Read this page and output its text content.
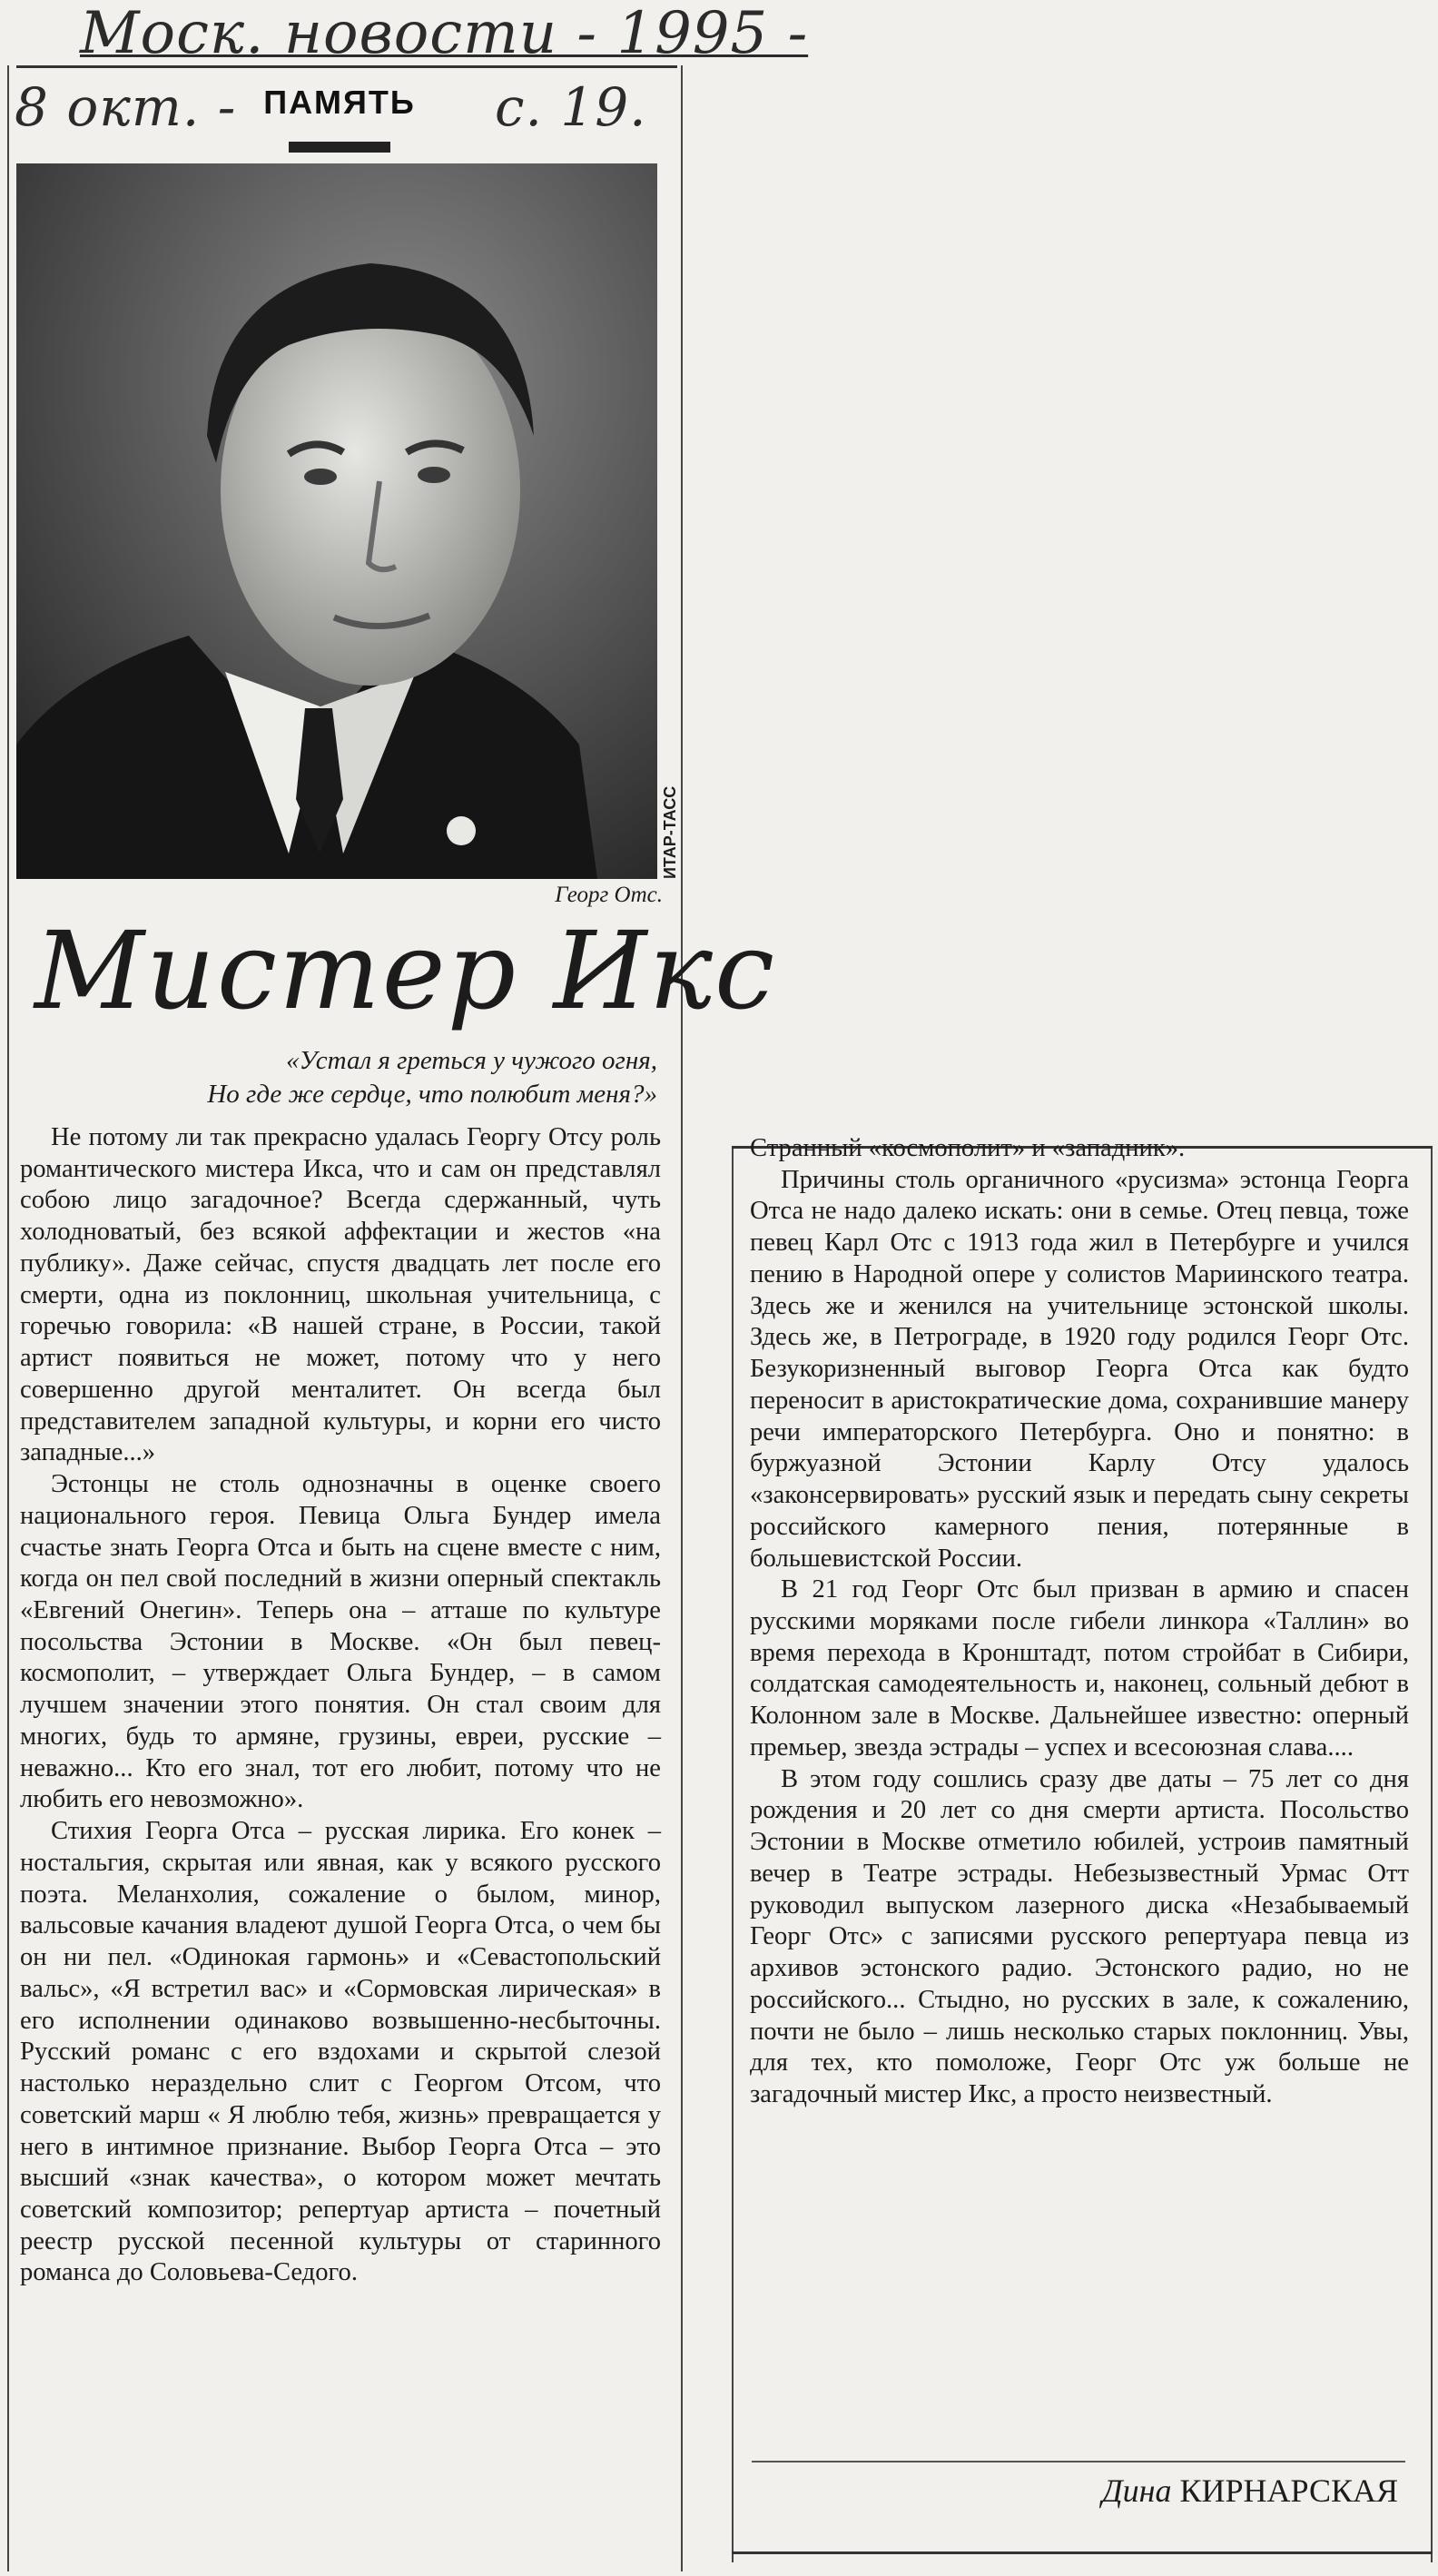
Моск. новости - 1995 -
8 окт. -	с. 19.
ПАМЯТЬ
ИТАР-ТАСС
Георг Отс.
Мистер Икс
«Устал я греться у чужого огня,
Но где же сердце, что полюбит меня?»

Не потому ли так прекрасно удалась Георгу Отсу роль романтического мистера Икса, что и сам он представлял собою лицо загадочное? Всегда сдержанный, чуть холодноватый, без всякой аффектации и жестов «на публику». Даже сейчас, спустя двадцать лет после его смерти, одна из поклонниц, школьная учительница, с горечью говорила: «В нашей стране, в России, такой артист появиться не может, потому что у него совершенно другой менталитет. Он всегда был представителем западной культуры, и корни его чисто западные...»

Эстонцы не столь однозначны в оценке своего национального героя. Певица Ольга Бундер имела счастье знать Георга Отса и быть на сцене вместе с ним, когда он пел свой последний в жизни оперный спектакль «Евгений Онегин». Теперь она – атташе по культуре посольства Эстонии в Москве. «Он был певец-космополит, – утверждает Ольга Бундер, – в самом лучшем значении этого понятия. Он стал своим для многих, будь то армяне, грузины, евреи, русские – неважно... Кто его знал, тот его любит, потому что не любить его невозможно».

Стихия Георга Отса – русская лирика. Его конек – ностальгия, скрытая или явная, как у всякого русского поэта. Меланхолия, сожаление о былом, минор, вальсовые качания владеют душой Георга Отса, о чем бы он ни пел. «Одинокая гармонь» и «Севастопольский вальс», «Я встретил вас» и «Сормовская лирическая» в его исполнении одинаково возвышенно-несбыточны. Русский романс с его вздохами и скрытой слезой настолько нераздельно слит с Георгом Отсом, что советский марш « Я люблю тебя, жизнь» превращается у него в интимное признание. Выбор Георга Отса – это высший «знак качества», о котором может мечтать советский композитор; репертуар артиста – почетный реестр русской песенной культуры от старинного романса до Соловьева-Седого.

Странный «космополит» и «западник».

Причины столь органичного «русизма» эстонца Георга Отса не надо далеко искать: они в семье. Отец певца, тоже певец Карл Отс с 1913 года жил в Петербурге и учился пению в Народной опере у солистов Мариинского театра. Здесь же и женился на учительнице эстонской школы. Здесь же, в Петрограде, в 1920 году родился Георг Отс. Безукоризненный выговор Георга Отса как будто переносит в аристократические дома, сохранившие манеру речи императорского Петербурга. Оно и понятно: в буржуазной Эстонии Карлу Отсу удалось «законсервировать» русский язык и передать сыну секреты российского камерного пения, потерянные в большевистской России.

В 21 год Георг Отс был призван в армию и спасен русскими моряками после гибели линкора «Таллин» во время перехода в Кронштадт, потом стройбат в Сибири, солдатская самодеятельность и, наконец, сольный дебют в Колонном зале в Москве. Дальнейшее известно: оперный премьер, звезда эстрады – успех и всесоюзная слава....

В этом году сошлись сразу две даты – 75 лет со дня рождения и 20 лет со дня смерти артиста. Посольство Эстонии в Москве отметило юбилей, устроив памятный вечер в Театре эстрады. Небезызвестный Урмас Отт руководил выпуском лазерного диска «Незабываемый Георг Отс» с записями русского репертуара певца из архивов эстонского радио. Эстонского радио, но не российского... Стыдно, но русских в зале, к сожалению, почти не было – лишь несколько старых поклонниц. Увы, для тех, кто помоложе, Георг Отс уж больше не загадочный мистер Икс, а просто неизвестный.

Дина КИРНАРСКАЯ
